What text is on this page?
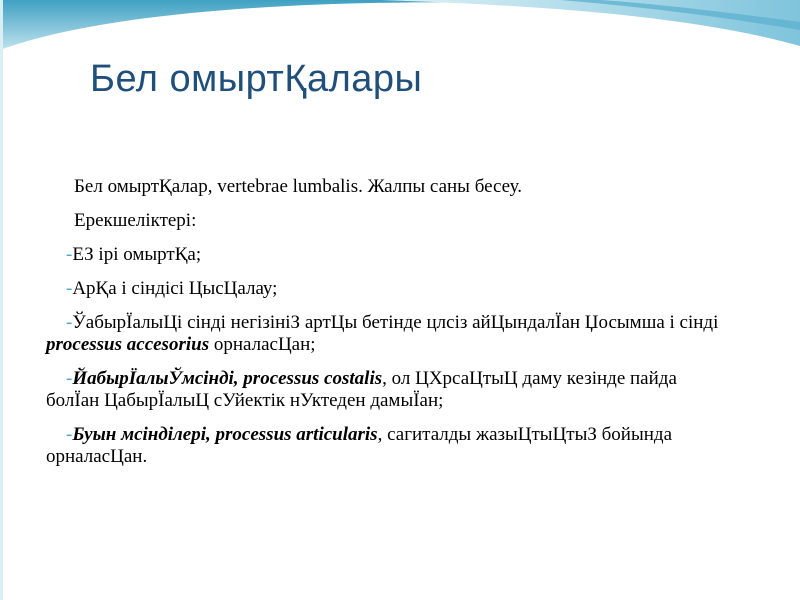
Бел омыртҚалары

Бел омыртҚалар, vertebrae lumbalis. Жалпы саны бесеу.

Ерекшеліктері:

-ЕЗ ірі омыртҚа;

-АрҚа і сіндісі ЦысЦалау;

-ЎабырЇалыЦі сінді негізініЗ артЦы бетінде цлсіз айЦындалЇан Џосымша і сінді processus accesorius орналасЦан;

-ЙабырЇалыЎмсінді, processus costalis, ол ЦХрсаЦтыЦ даму кезінде пайда болЇан ЦабырЇалыЦ сУйектік нУктеден дамыЇан;

-Буын мсінділері, processus articularis, сагиталды жазыЦтыЦтыЗ бойында орналасЦан.
